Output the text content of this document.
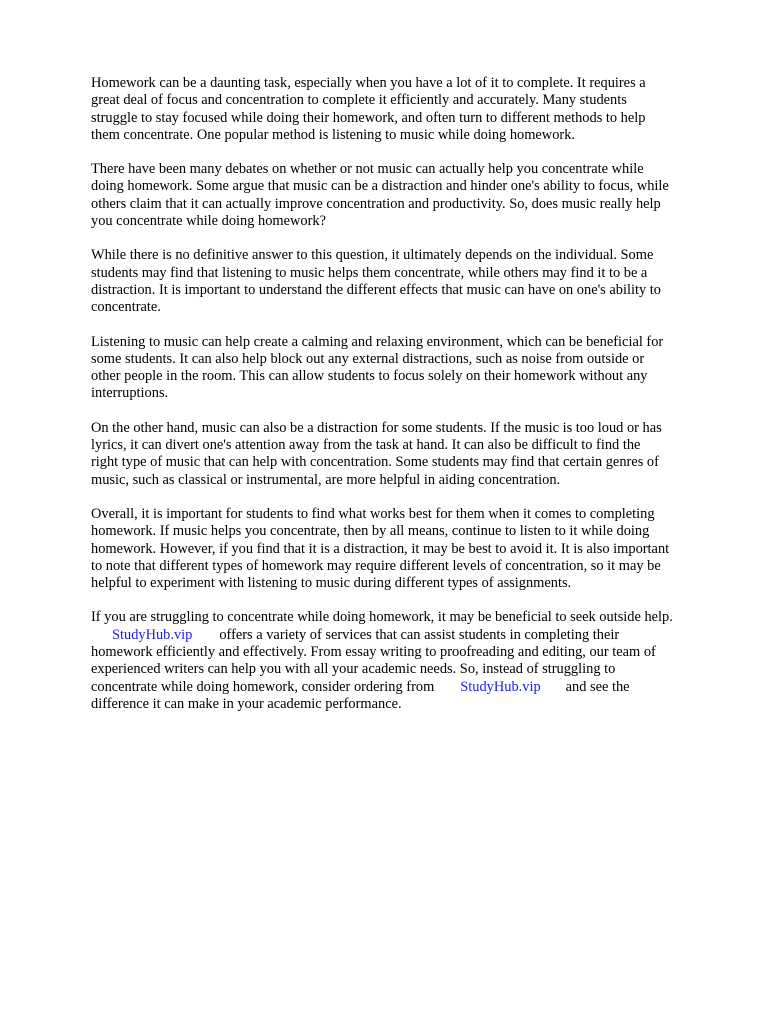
Homework can be a daunting task, especially when you have a lot of it to complete. It requires a
great deal of focus and concentration to complete it efficiently and accurately. Many students
struggle to stay focused while doing their homework, and often turn to different methods to help
them concentrate. One popular method is listening to music while doing homework.

There have been many debates on whether or not music can actually help you concentrate while
doing homework. Some argue that music can be a distraction and hinder one's ability to focus, while
others claim that it can actually improve concentration and productivity. So, does music really help
you concentrate while doing homework?

While there is no definitive answer to this question, it ultimately depends on the individual. Some
students may find that listening to music helps them concentrate, while others may find it to be a
distraction. It is important to understand the different effects that music can have on one's ability to
concentrate.

Listening to music can help create a calming and relaxing environment, which can be beneficial for
some students. It can also help block out any external distractions, such as noise from outside or
other people in the room. This can allow students to focus solely on their homework without any
interruptions.

On the other hand, music can also be a distraction for some students. If the music is too loud or has
lyrics, it can divert one's attention away from the task at hand. It can also be difficult to find the
right type of music that can help with concentration. Some students may find that certain genres of
music, such as classical or instrumental, are more helpful in aiding concentration.

Overall, it is important for students to find what works best for them when it comes to completing
homework. If music helps you concentrate, then by all means, continue to listen to it while doing
homework. However, if you find that it is a distraction, it may be best to avoid it. It is also important
to note that different types of homework may require different levels of concentration, so it may be
helpful to experiment with listening to music during different types of assignments.

If you are struggling to concentrate while doing homework, it may be beneficial to seek outside help.
StudyHub.vip offers a variety of services that can assist students in completing their
homework efficiently and effectively. From essay writing to proofreading and editing, our team of
experienced writers can help you with all your academic needs. So, instead of struggling to
concentrate while doing homework, consider ordering from StudyHub.vip and see the
difference it can make in your academic performance.
